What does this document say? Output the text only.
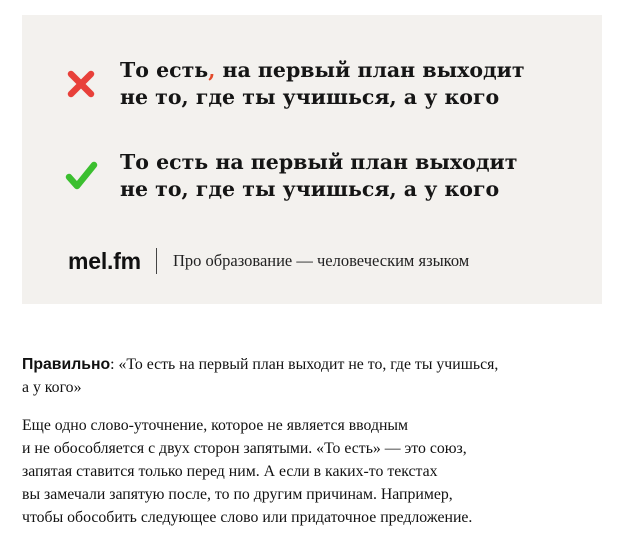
То есть, на первый план выходит
не то, где ты учишься, а у кого
То есть на первый план выходит
не то, где ты учишься, а у кого
mel.fm Про образование — человеческим языком
Правильно: «То есть на первый план выходит не то, где ты учишься,
а у кого»
Еще одно слово-уточнение, которое не является вводным
и не обособляется с двух сторон запятыми. «То есть» — это союз,
запятая ставится только перед ним. А если в каких-то текстах
вы замечали запятую после, то по другим причинам. Например,
чтобы обособить следующее слово или придаточное предложение.
